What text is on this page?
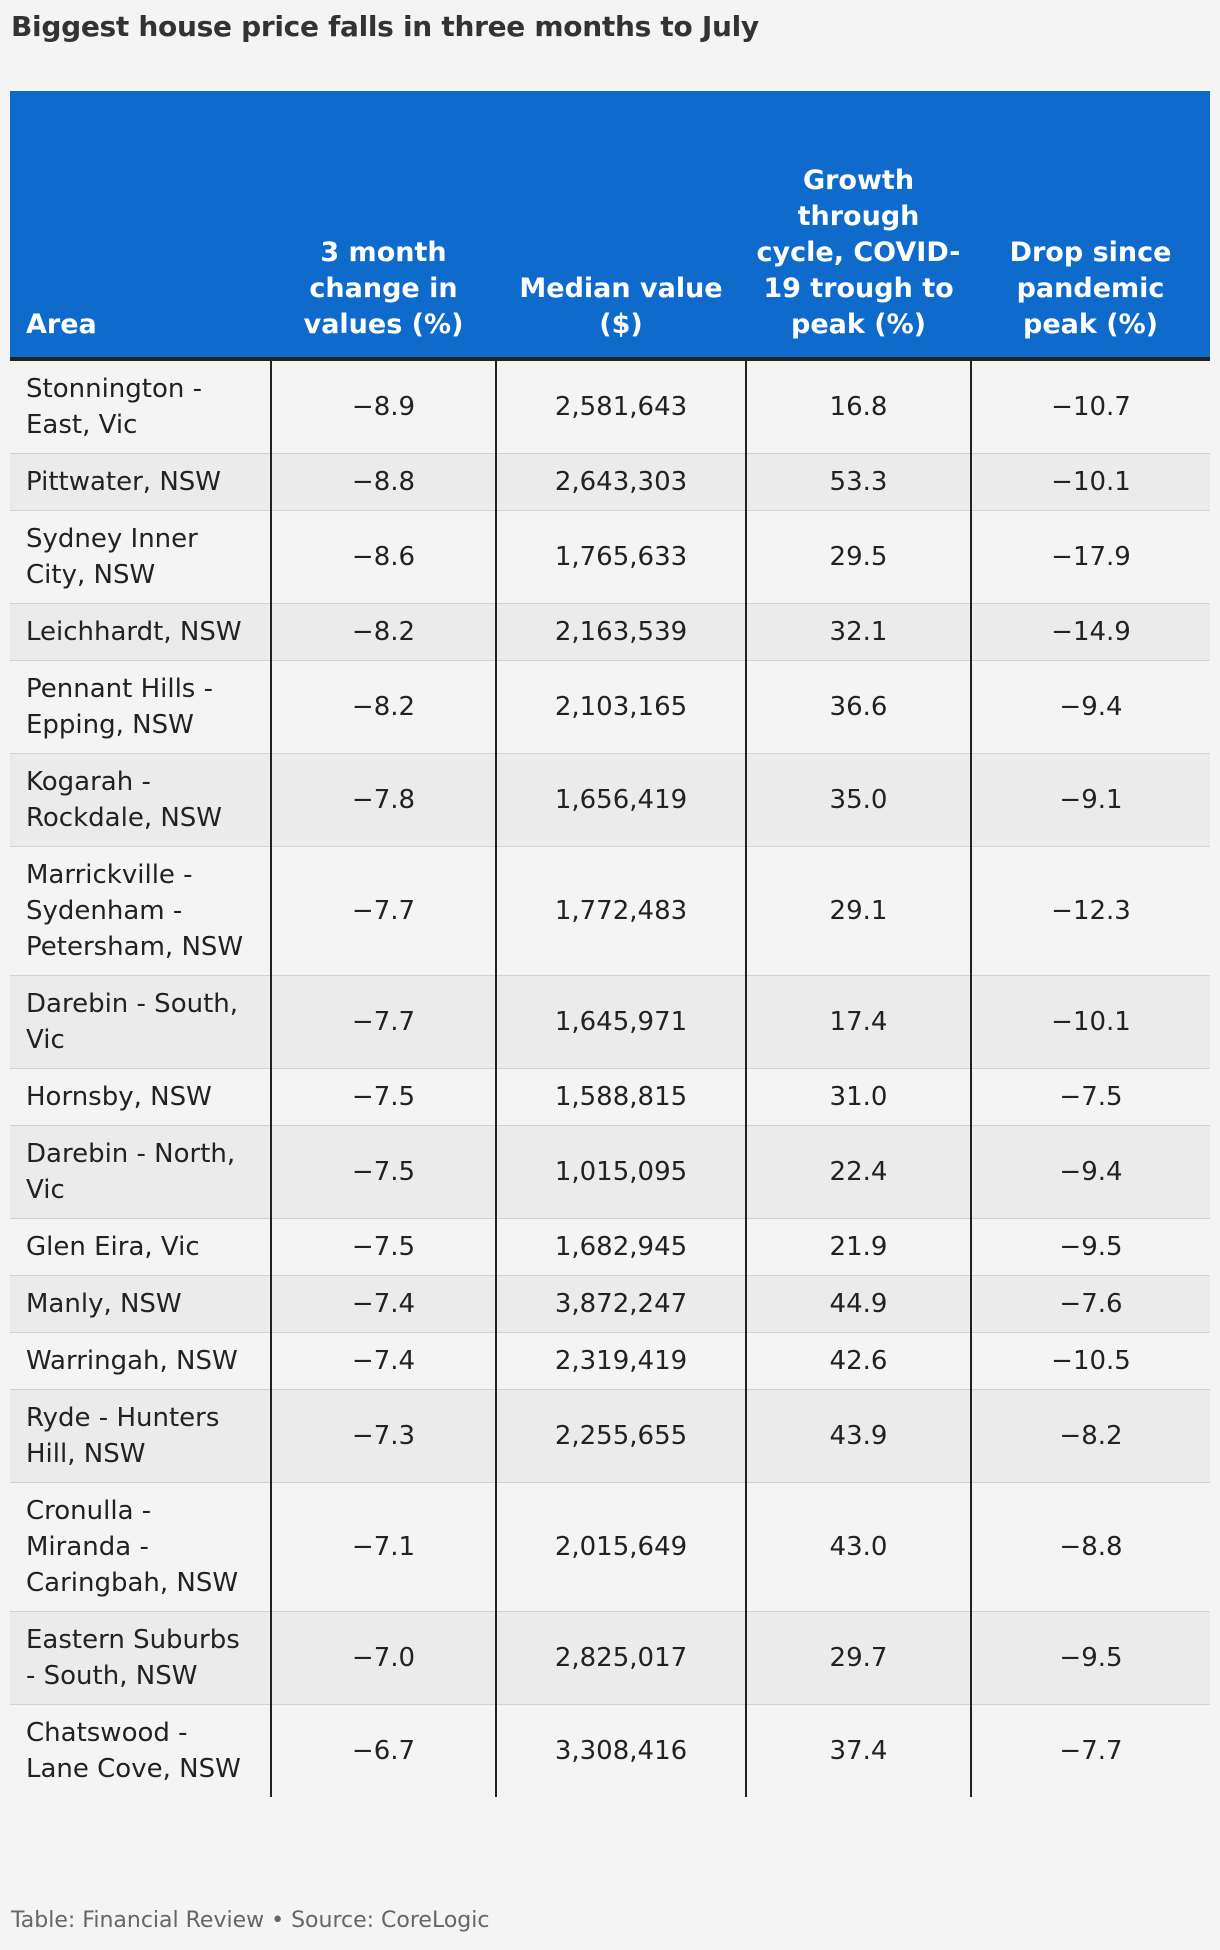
Biggest house price falls in three months to July
Area	3 month change in values (%)	Median value ($)	Growth through cycle, COVID-19 trough to peak (%)	Drop since pandemic peak (%)
Stonnington - East, Vic	−8.9	2,581,643	16.8	−10.7
Pittwater, NSW	−8.8	2,643,303	53.3	−10.1
Sydney Inner City, NSW	−8.6	1,765,633	29.5	−17.9
Leichhardt, NSW	−8.2	2,163,539	32.1	−14.9
Pennant Hills - Epping, NSW	−8.2	2,103,165	36.6	−9.4
Kogarah - Rockdale, NSW	−7.8	1,656,419	35.0	−9.1
Marrickville - Sydenham - Petersham, NSW	−7.7	1,772,483	29.1	−12.3
Darebin - South, Vic	−7.7	1,645,971	17.4	−10.1
Hornsby, NSW	−7.5	1,588,815	31.0	−7.5
Darebin - North, Vic	−7.5	1,015,095	22.4	−9.4
Glen Eira, Vic	−7.5	1,682,945	21.9	−9.5
Manly, NSW	−7.4	3,872,247	44.9	−7.6
Warringah, NSW	−7.4	2,319,419	42.6	−10.5
Ryde - Hunters Hill, NSW	−7.3	2,255,655	43.9	−8.2
Cronulla - Miranda - Caringbah, NSW	−7.1	2,015,649	43.0	−8.8
Eastern Suburbs - South, NSW	−7.0	2,825,017	29.7	−9.5
Chatswood - Lane Cove, NSW	−6.7	3,308,416	37.4	−7.7
Table: Financial Review • Source: CoreLogic
